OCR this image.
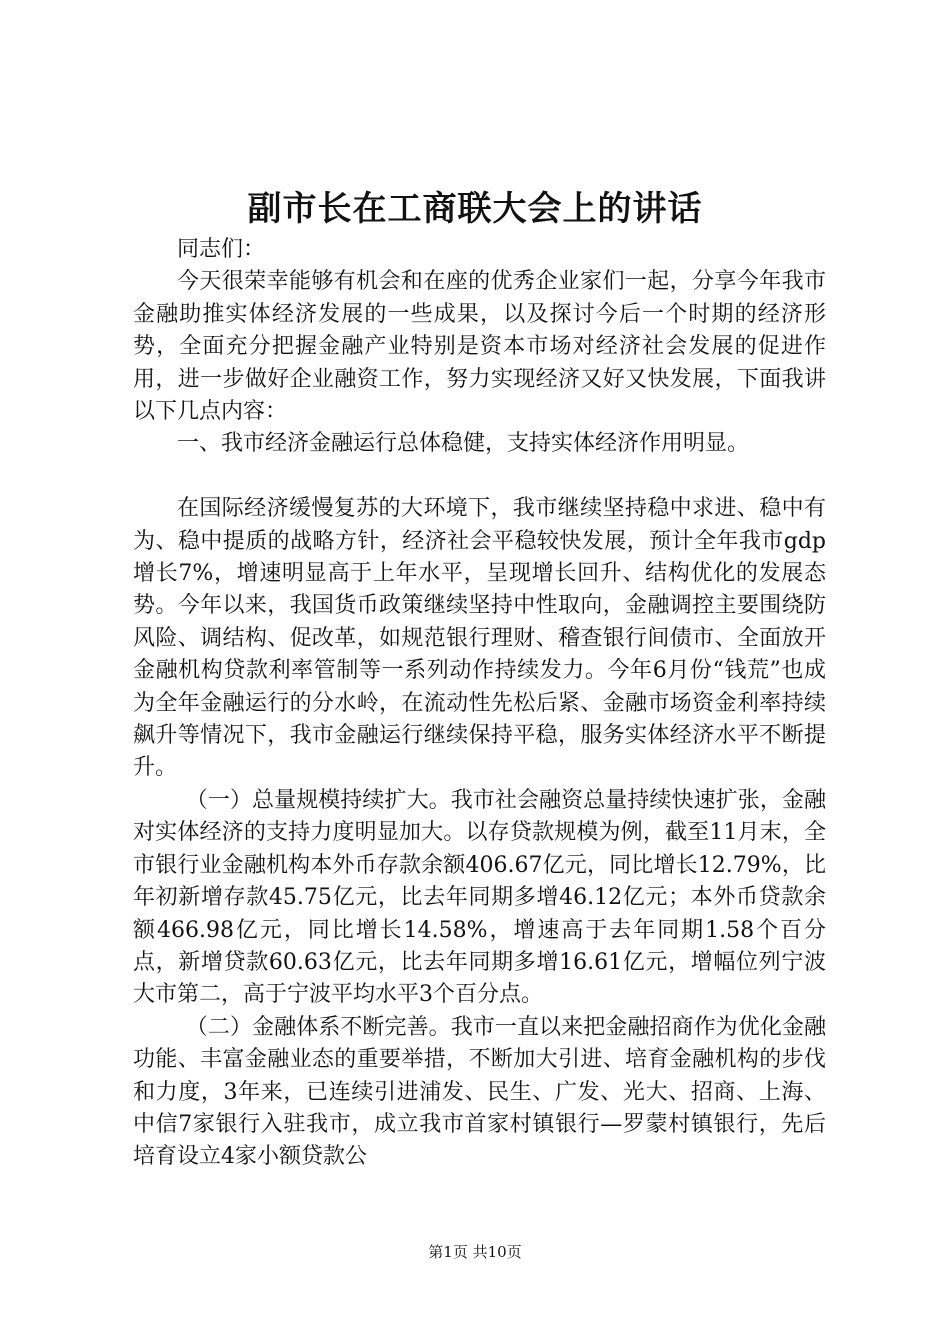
副市长在工商联大会上的讲话

同志们：

今天很荣幸能够有机会和在座的优秀企业家们一起，分享今年我市金融助推实体经济发展的一些成果，以及探讨今后一个时期的经济形势，全面充分把握金融产业特别是资本市场对经济社会发展的促进作用，进一步做好企业融资工作，努力实现经济又好又快发展，下面我讲以下几点内容：

一、我市经济金融运行总体稳健，支持实体经济作用明显。

在国际经济缓慢复苏的大环境下，我市继续坚持稳中求进、稳中有为、稳中提质的战略方针，经济社会平稳较快发展，预计全年我市gdp增长7%，增速明显高于上年水平，呈现增长回升、结构优化的发展态势。今年以来，我国货币政策继续坚持中性取向，金融调控主要围绕防风险、调结构、促改革，如规范银行理财、稽查银行间债市、全面放开金融机构贷款利率管制等一系列动作持续发力。今年6月份“钱荒”也成为全年金融运行的分水岭，在流动性先松后紧、金融市场资金利率持续飙升等情况下，我市金融运行继续保持平稳，服务实体经济水平不断提升。

（一）总量规模持续扩大。我市社会融资总量持续快速扩张，金融对实体经济的支持力度明显加大。以存贷款规模为例，截至11月末，全市银行业金融机构本外币存款余额406.67亿元，同比增长12.79%，比年初新增存款45.75亿元，比去年同期多增46.12亿元；本外币贷款余额466.98亿元，同比增长14.58%，增速高于去年同期1.58个百分点，新增贷款60.63亿元，比去年同期多增16.61亿元，增幅位列宁波大市第二，高于宁波平均水平3个百分点。

（二）金融体系不断完善。我市一直以来把金融招商作为优化金融功能、丰富金融业态的重要举措，不断加大引进、培育金融机构的步伐和力度，3年来，已连续引进浦发、民生、广发、光大、招商、上海、中信7家银行入驻我市，成立我市首家村镇银行—罗蒙村镇银行，先后培育设立4家小额贷款公

第1页 共10页
